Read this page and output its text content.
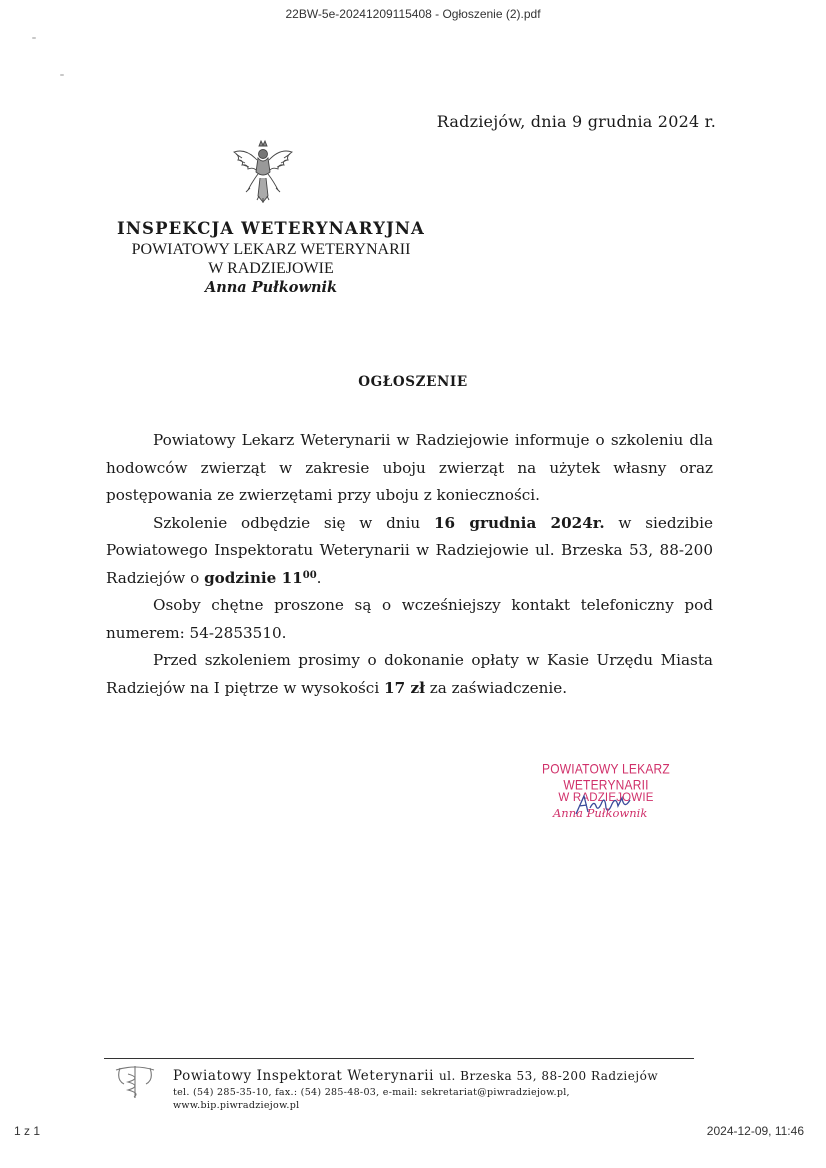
22BW-5e-20241209115408 - Ogłoszenie (2).pdf
Radziejów, dnia 9 grudnia 2024 r.
INSPEKCJA WETERYNARYJNA
POWIATOWY LEKARZ WETERYNARII
W RADZIEJOWIE
Anna Pułkownik
OGŁOSZENIE

Powiatowy Lekarz Weterynarii w Radziejowie informuje o szkoleniu dla hodowców zwierząt w zakresie uboju zwierząt na użytek własny oraz postępowania ze zwierzętami przy uboju z konieczności.

Szkolenie odbędzie się w dniu 16 grudnia 2024r. w siedzibie Powiatowego Inspektoratu Weterynarii w Radziejowie ul. Brzeska 53, 88-200 Radziejów o godzinie $11^{00}$.

Osoby chętne proszone są o wcześniejszy kontakt telefoniczny pod numerem: 54-2853510.

Przed szkoleniem prosimy o dokonanie opłaty w Kasie Urzędu Miasta Radziejów na I piętrze w wysokości 17 zł za zaświadczenie.

POWIATOWY LEKARZ WETERYNARII
W RADZIEJOWIE
Anna Pułkownik
Powiatowy Inspektorat Weterynarii ul. Brzeska 53, 88-200 Radziejów
tel. (54) 285-35-10, fax.: (54) 285-48-03, e-mail: sekretariat@piwradziejow.pl,
www.bip.piwradziejow.pl
1 z 1	2024-12-09, 11:46
